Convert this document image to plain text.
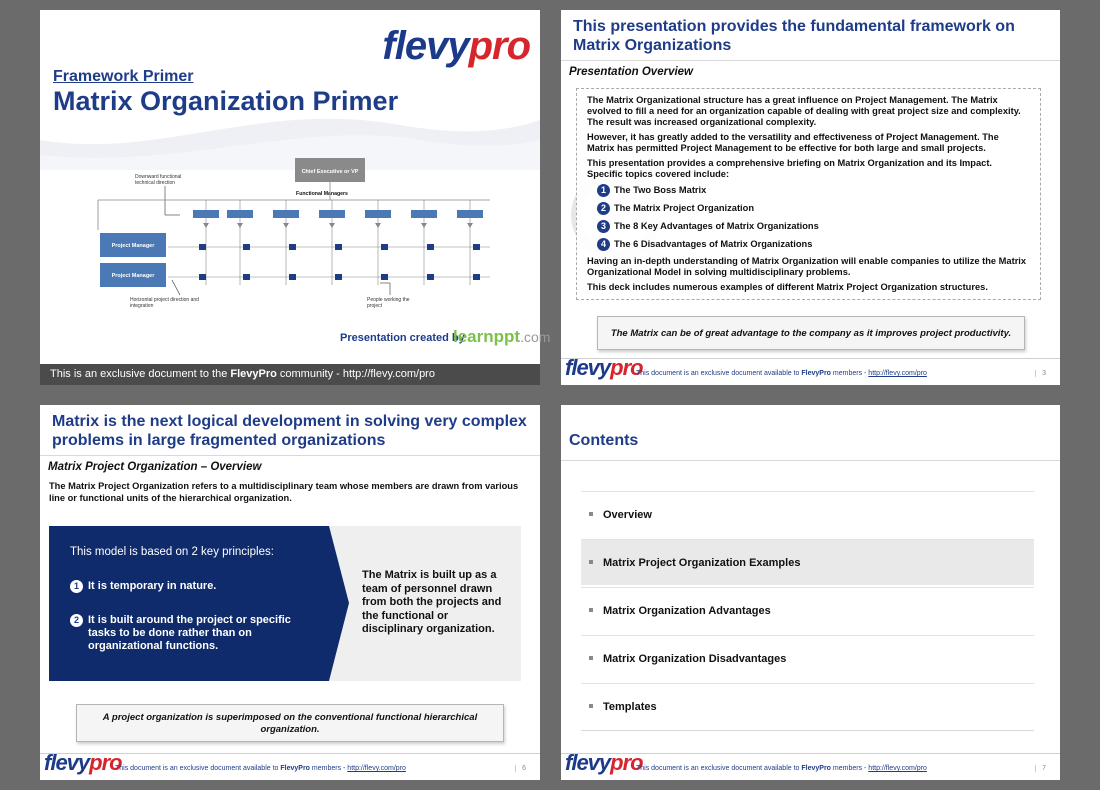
flevypro
Framework Primer
Matrix Organization Primer
Chief Executive or VP
Downward functional
technical direction
Functional Managers
Project Manager
Project Manager
Horizontal project direction and
integration
People working the
project
Presentation created by
learnppt.com
This is an exclusive document to the FlevyPro community - http://flevy.com/pro
This presentation provides the fundamental framework on Matrix Organizations
Presentation Overview
The Matrix Organizational structure has a great influence on Project Management. The Matrix evolved to fill a need for an organization capable of dealing with great project size and complexity. The result was increased organizational complexity.
However, it has greatly added to the versatility and effectiveness of Project Management. The Matrix has permitted Project Management to be effective for both large and small projects.
This presentation provides a comprehensive briefing on Matrix Organization and its Impact. Specific topics covered include:
1 The Two Boss Matrix
2 The Matrix Project Organization
3 The 8 Key Advantages of Matrix Organizations
4 The 6 Disadvantages of Matrix Organizations
Having an in-depth understanding of Matrix Organization will enable companies to utilize the Matrix Organizational Model in solving multidisciplinary problems.
This deck includes numerous examples of different Matrix Project Organization structures.
The Matrix can be of great advantage to the company as it improves project productivity.
flevypro
This document is an exclusive document available to FlevyPro members - http://flevy.com/pro	3
Matrix is the next logical development in solving very complex problems in large fragmented organizations
Matrix Project Organization – Overview
The Matrix Project Organization refers to a multidisciplinary team whose members are drawn from various line or functional units of the hierarchical organization.
This model is based on 2 key principles:
1 It is temporary in nature.
2 It is built around the project or specific tasks to be done rather than on organizational functions.
The Matrix is built up as a team of personnel drawn from both the projects and the functional or disciplinary organization.
A project organization is superimposed on the conventional functional hierarchical organization.
flevypro
This document is an exclusive document available to FlevyPro members - http://flevy.com/pro	6
Contents
Overview
Matrix Project Organization Examples
Matrix Organization Advantages
Matrix Organization Disadvantages
Templates
flevypro
This document is an exclusive document available to FlevyPro members - http://flevy.com/pro	7
